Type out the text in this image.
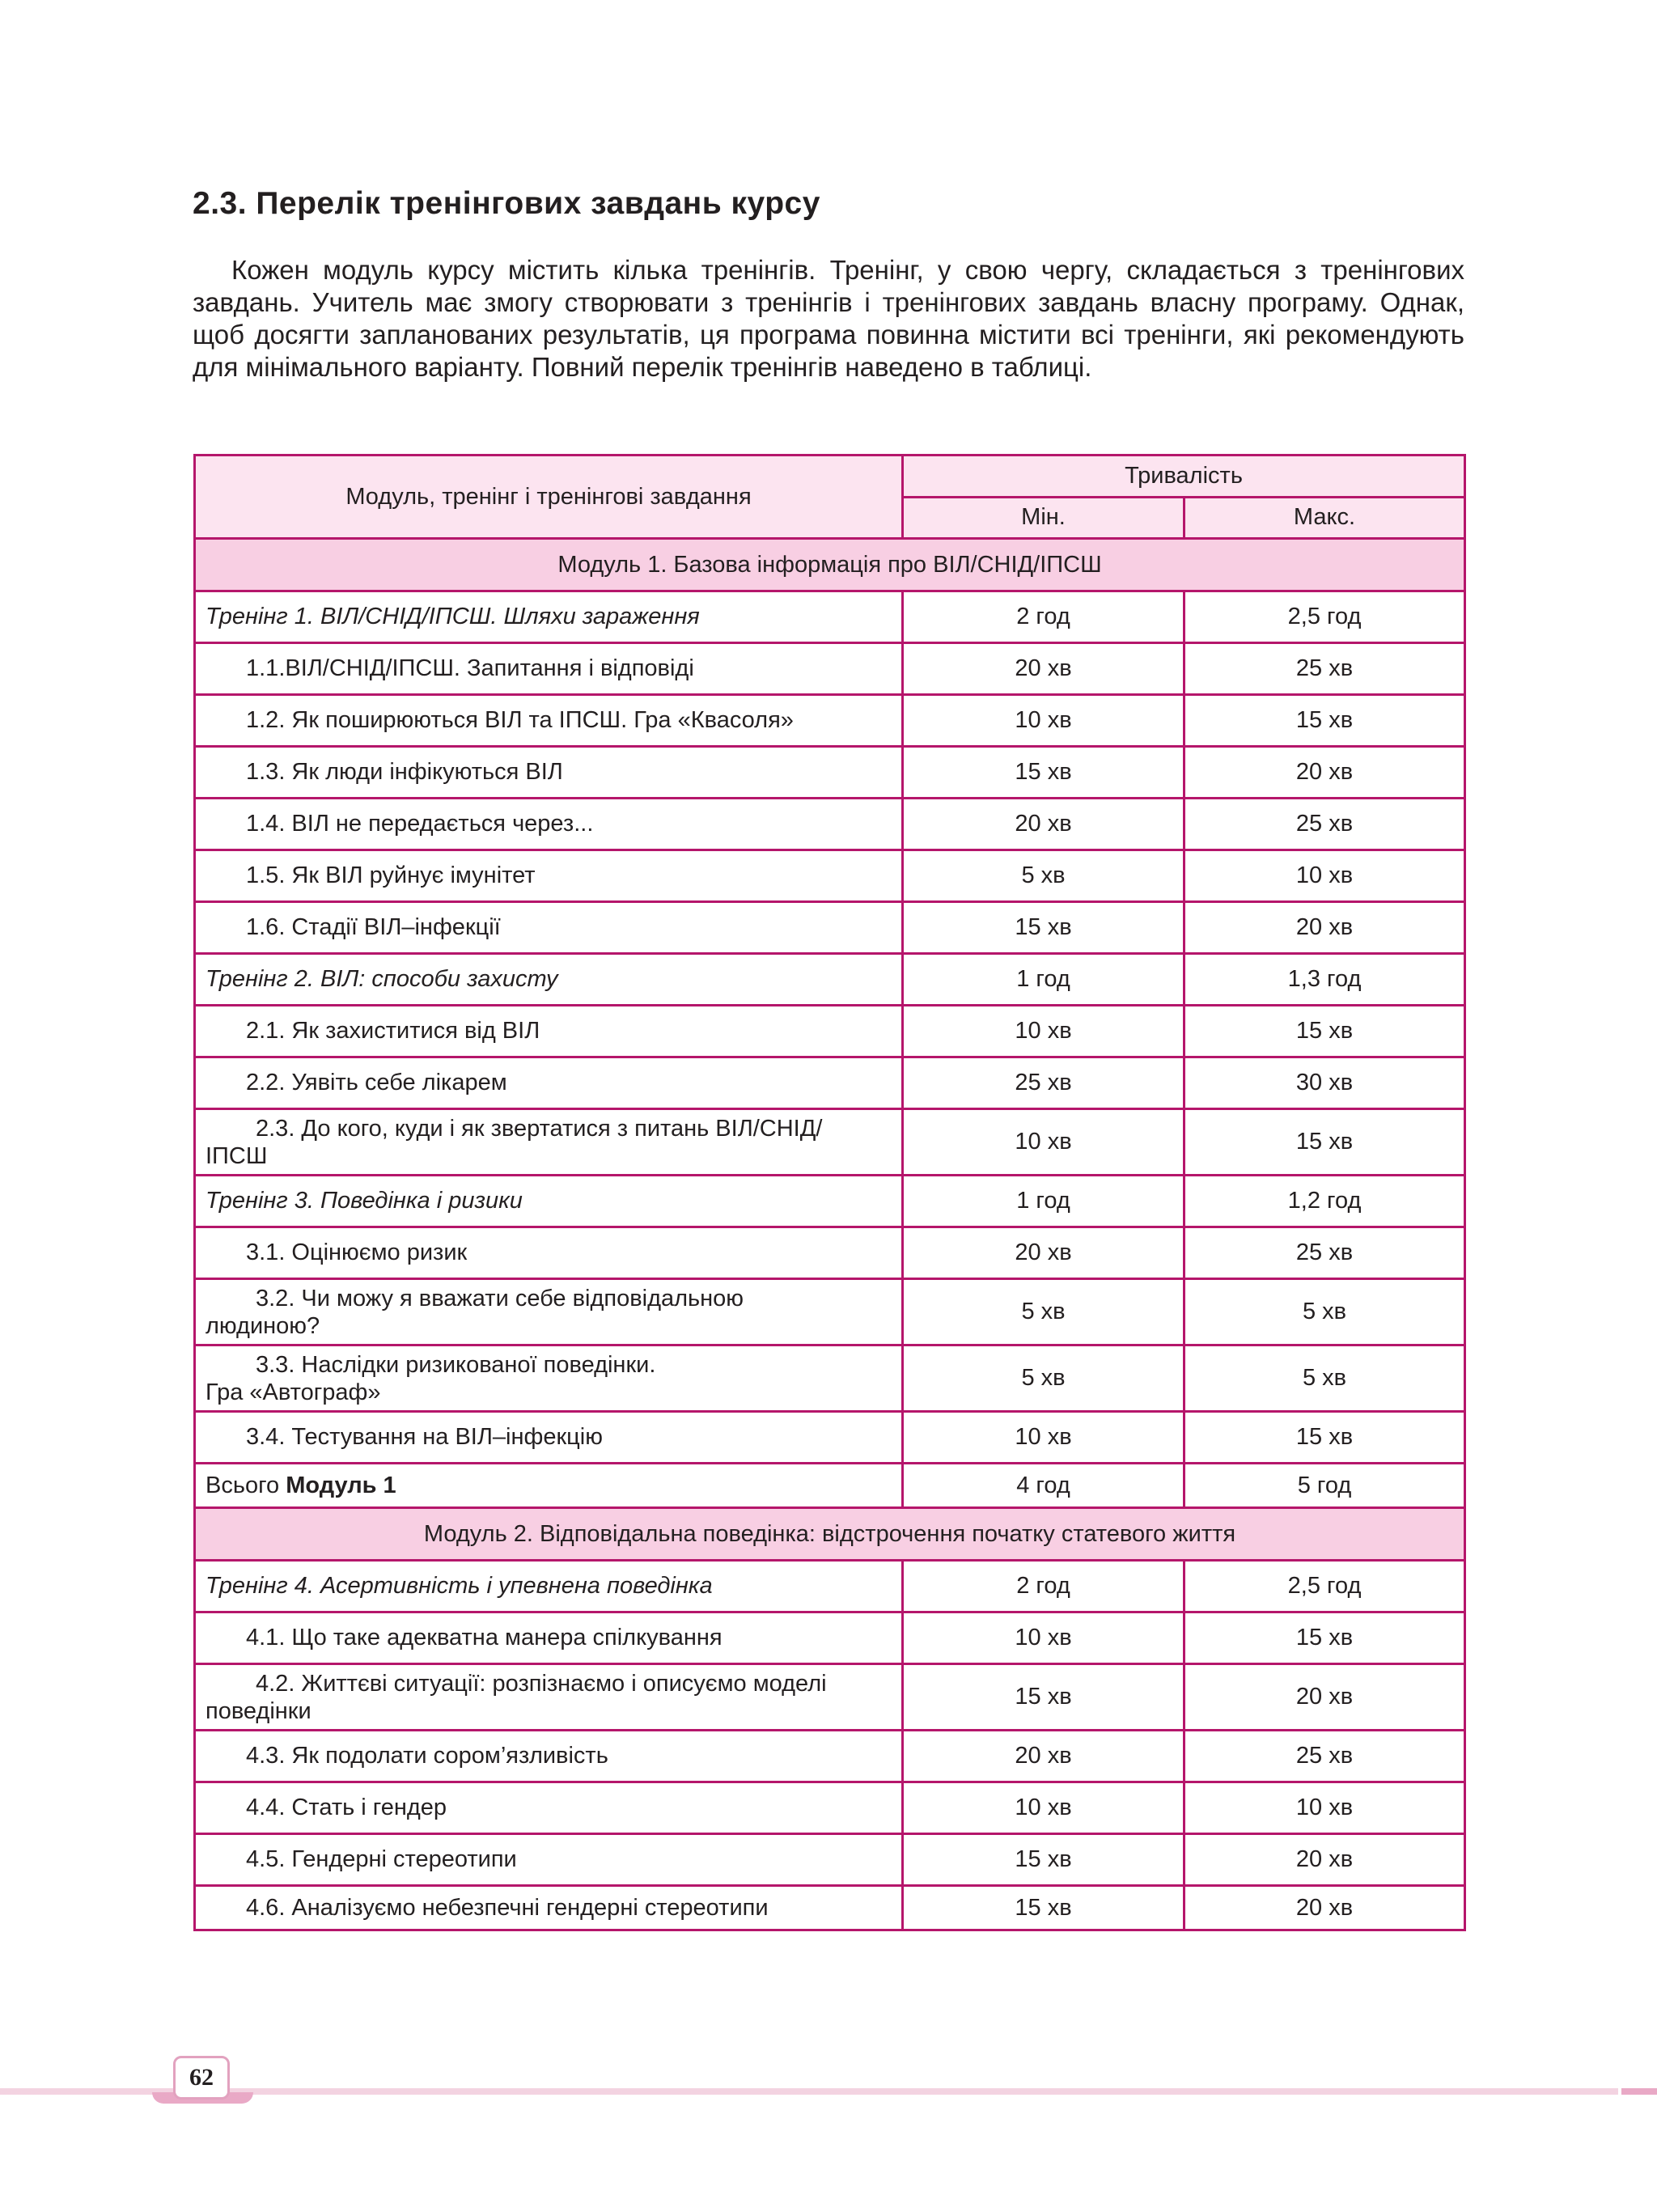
2.3. Перелік тренінгових завдань курсу

Кожен модуль курсу містить кілька тренінгів. Тренінг, у свою чергу, складається з тренінгових завдань. Учитель має змогу створювати з тренінгів і тренінгових завдань власну програму. Однак, щоб досягти запланованих результатів, ця програма повинна містити всі тренінги, які рекомендують для мінімального варіанту. Повний перелік тренінгів наведено в таблиці.

Модуль, тренінг і тренінгові завдання	Тривалість	
	Мін.	Макс.
Модуль 1. Базова інформація про ВІЛ/СНІД/ІПСШ		
Тренінг 1. ВІЛ/СНІД/ІПСШ. Шляхи зараження	2 год	2,5 год
1.1.ВІЛ/СНІД/ІПСШ. Запитання і відповіді	20 хв	25 хв
1.2. Як поширюються ВІЛ та ІПСШ. Гра «Квасоля»	10 хв	15 хв
1.3. Як люди інфікуються ВІЛ	15 хв	20 хв
1.4. ВІЛ не передається через...	20 хв	25 хв
1.5. Як ВІЛ руйнує імунітет	5 хв	10 хв
1.6. Стадії ВІЛ–інфекції	15 хв	20 хв
Тренінг 2. ВІЛ: способи захисту	1 год	1,3 год
2.1. Як захиститися від ВІЛ	10 хв	15 хв
2.2. Уявіть себе лікарем	25 хв	30 хв
2.3. До кого, куди і як звертатися з питань ВІЛ/СНІД/
ІПСШ	10 хв	15 хв
Тренінг 3. Поведінка і ризики	1 год	1,2 год
3.1. Оцінюємо ризик	20 хв	25 хв
3.2. Чи можу я вважати себе відповідальною
людиною?	5 хв	5 хв
3.3. Наслідки ризикованої поведінки.
Гра «Автограф»	5 хв	5 хв
3.4. Тестування на ВІЛ–інфекцію	10 хв	15 хв
Всього Модуль 1	4 год	5 год
Модуль 2. Відповідальна поведінка: відстрочення початку статевого життя		
Тренінг 4. Асертивність і упевнена поведінка	2 год	2,5 год
4.1. Що таке адекватна манера спілкування	10 хв	15 хв
4.2. Життєві ситуації: розпізнаємо і описуємо моделі
поведінки	15 хв	20 хв
4.3. Як подолати сором’язливість	20 хв	25 хв
4.4. Стать і гендер	10 хв	10 хв
4.5. Гендерні стереотипи	15 хв	20 хв
4.6. Аналізуємо небезпечні гендерні стереотипи	15 хв	20 хв
62
